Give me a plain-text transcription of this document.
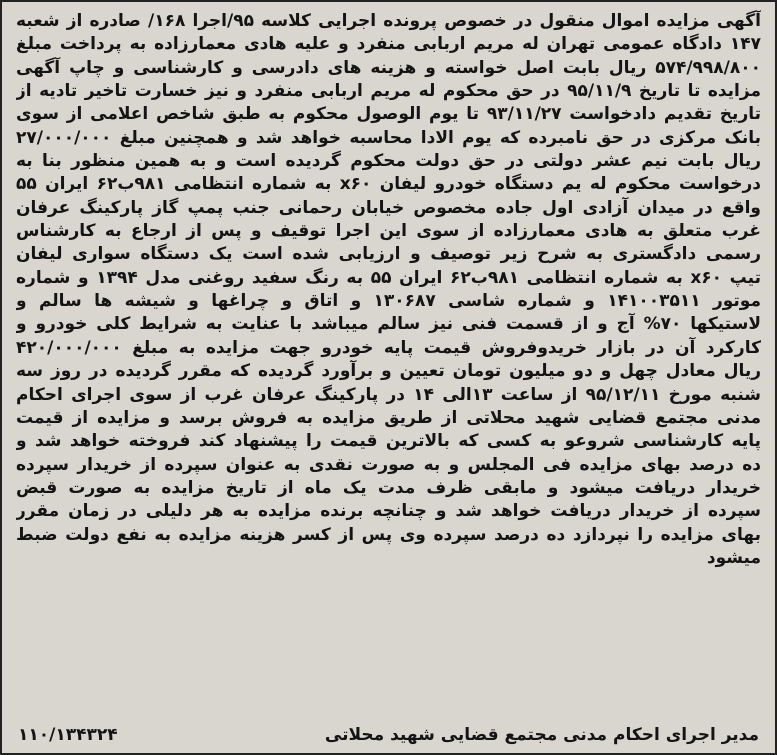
آگهی مزایده اموال منقول در خصوص پرونده اجرایی کلاسه ۹۵/اجرا ۱۶۸/ صادره از شعبه ۱۴۷ دادگاه عمومی تهران له مریم اربابی منفرد و علیه هادی معمارزاده به پرداخت مبلغ ۵۷۴/۹۹۸/۸۰۰ ریال بابت اصل خواسته و هزینه های دادرسی و کارشناسی و چاپ آگهی مزایده تا تاریخ ۹۵/۱۱/۹ در حق محکوم له مریم اربابی منفرد و نیز خسارت تاخیر تادیه از تاریخ تقدیم دادخواست ۹۳/۱۱/۲۷ تا یوم الوصول محکوم به طبق شاخص اعلامی از سوی بانک مرکزی در حق نامبرده که یوم الادا محاسبه خواهد شد و همچنین مبلغ ۲۷/۰۰۰/۰۰۰ ریال بابت نیم عشر دولتی در حق دولت محکوم گردیده است و به همین منظور بنا به درخواست محکوم له یم دستگاه خودرو لیفان x۶۰ به شماره انتظامی ۹۸۱ب۶۲ ایران ۵۵ واقع در میدان آزادی اول جاده مخصوص خیابان رحمانی جنب پمپ گاز پارکینگ عرفان غرب متعلق به هادی معمارزاده از سوی این اجرا توقیف و پس از ارجاع به کارشناس رسمی دادگستری به شرح زیر توصیف و ارزیابی شده است یک دستگاه سواری لیفان تیپ x۶۰ به شماره انتظامی ۹۸۱ب۶۲ ایران ۵۵ به رنگ سفید روغنی مدل ۱۳۹۴ و شماره موتور ۱۴۱۰۰۳۵۱۱ و شماره شاسی ۱۳۰۶۸۷ و اتاق و چراغها و شیشه ها سالم و لاستیکها ۷۰% آج و از قسمت فنی نیز سالم میباشد با عنایت به شرایط کلی خودرو و کارکرد آن در بازار خریدوفروش قیمت پایه خودرو جهت مزایده به مبلغ ۴۲۰/۰۰۰/۰۰۰ ریال معادل چهل و دو میلیون تومان تعیین و برآورد گردیده که مقرر گردیده در روز سه شنبه مورخ ۹۵/۱۲/۱۱ از ساعت ۱۳الی ۱۴ در پارکینگ عرفان غرب از سوی اجرای احکام مدنی مجتمع قضایی شهید محلاتی از طریق مزایده به فروش برسد و مزایده از قیمت پایه کارشناسی شروعو به کسی که بالاترین قیمت را پیشنهاد کند فروخته خواهد شد و ده درصد بهای مزایده فی المجلس و به صورت نقدی به عنوان سپرده از خریدار سپرده خریدار دریافت میشود و مابقی ظرف مدت یک ماه از تاریخ مزایده به صورت قبض سپرده از خریدار دریافت خواهد شد و چنانچه برنده مزایده به هر دلیلی در زمان مقرر بهای مزایده را نپردازد ده درصد سپرده وی پس از کسر هزینه مزایده به نفع دولت ضبط میشود
مدیر اجرای احکام مدنی مجتمع قضایی شهید محلاتی
۱۱۰/۱۳۴۳۲۴
